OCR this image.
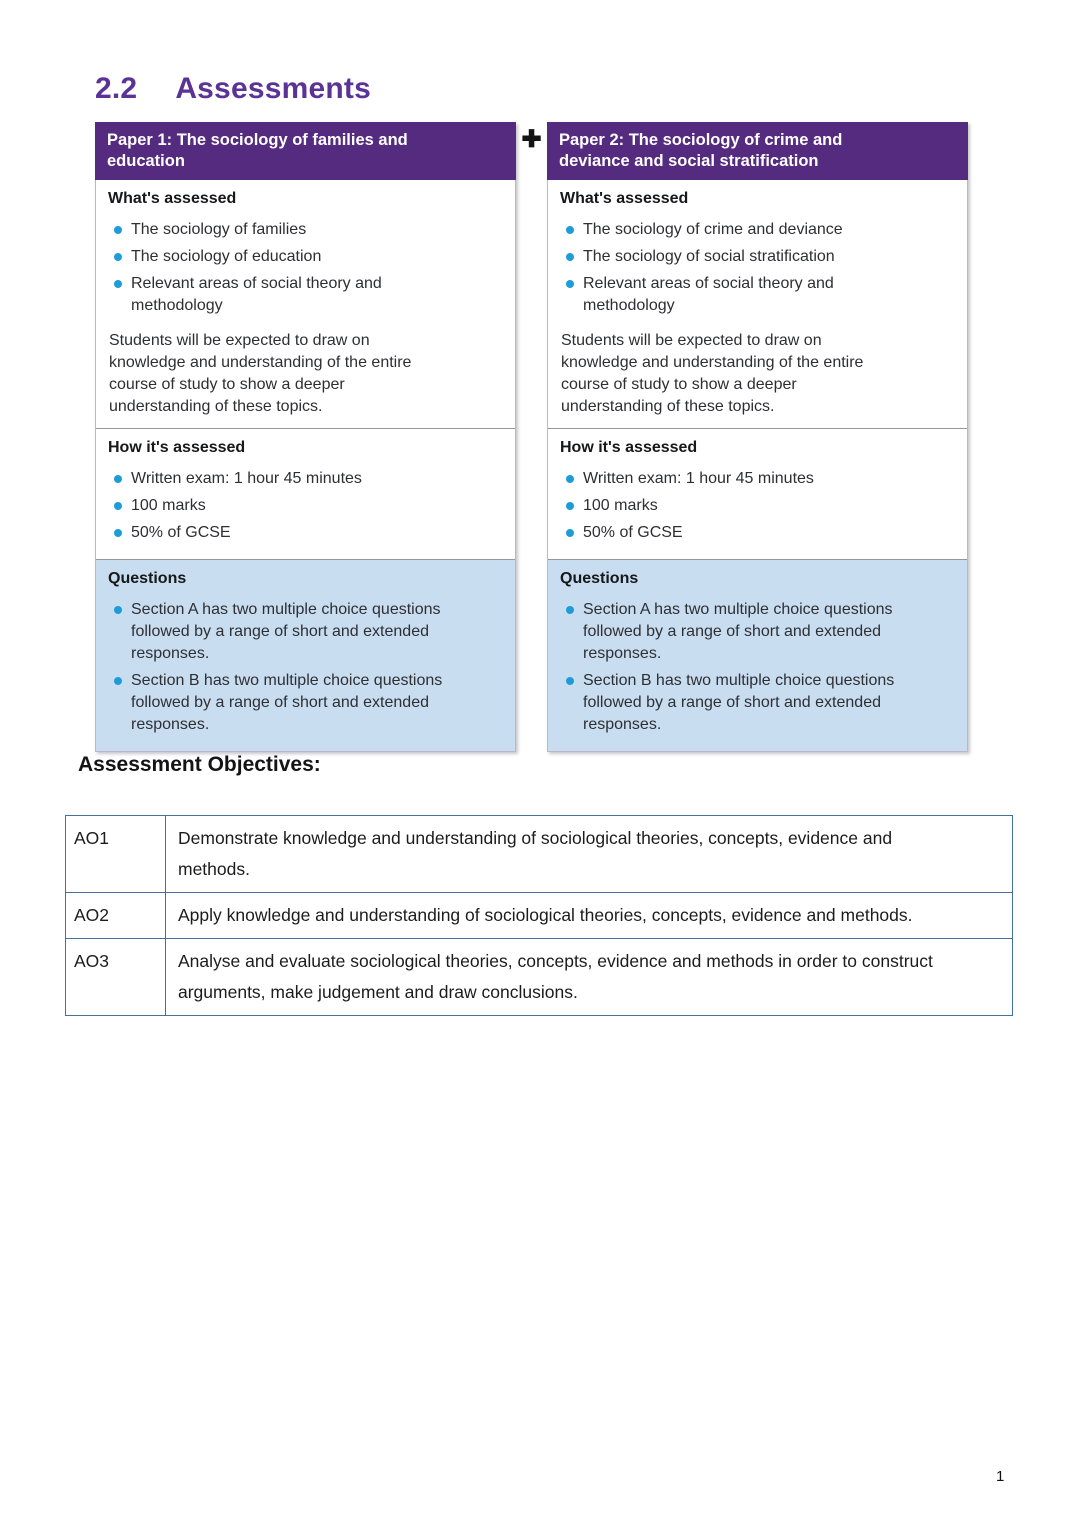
2.2 Assessments
Paper 1: The sociology of families and education
What's assessed
The sociology of families
The sociology of education
Relevant areas of social theory and methodology

Students will be expected to draw on knowledge and understanding of the entire course of study to show a deeper understanding of these topics.

How it's assessed
Written exam: 1 hour 45 minutes
100 marks
50% of GCSE
Questions
Section A has two multiple choice questions followed by a range of short and extended responses.
Section B has two multiple choice questions followed by a range of short and extended responses.
✚ Paper 2: The sociology of crime and deviance and social stratification
What's assessed
The sociology of crime and deviance
The sociology of social stratification
Relevant areas of social theory and methodology

Students will be expected to draw on knowledge and understanding of the entire course of study to show a deeper understanding of these topics.

How it's assessed
Written exam: 1 hour 45 minutes
100 marks
50% of GCSE
Questions
Section A has two multiple choice questions followed by a range of short and extended responses.
Section B has two multiple choice questions followed by a range of short and extended responses.
Assessment Objectives:
AO1	Demonstrate knowledge and understanding of sociological theories, concepts, evidence and methods.
AO2	Apply knowledge and understanding of sociological theories, concepts, evidence and methods.
AO3	Analyse and evaluate sociological theories, concepts, evidence and methods in order to construct arguments, make judgement and draw conclusions.
1
